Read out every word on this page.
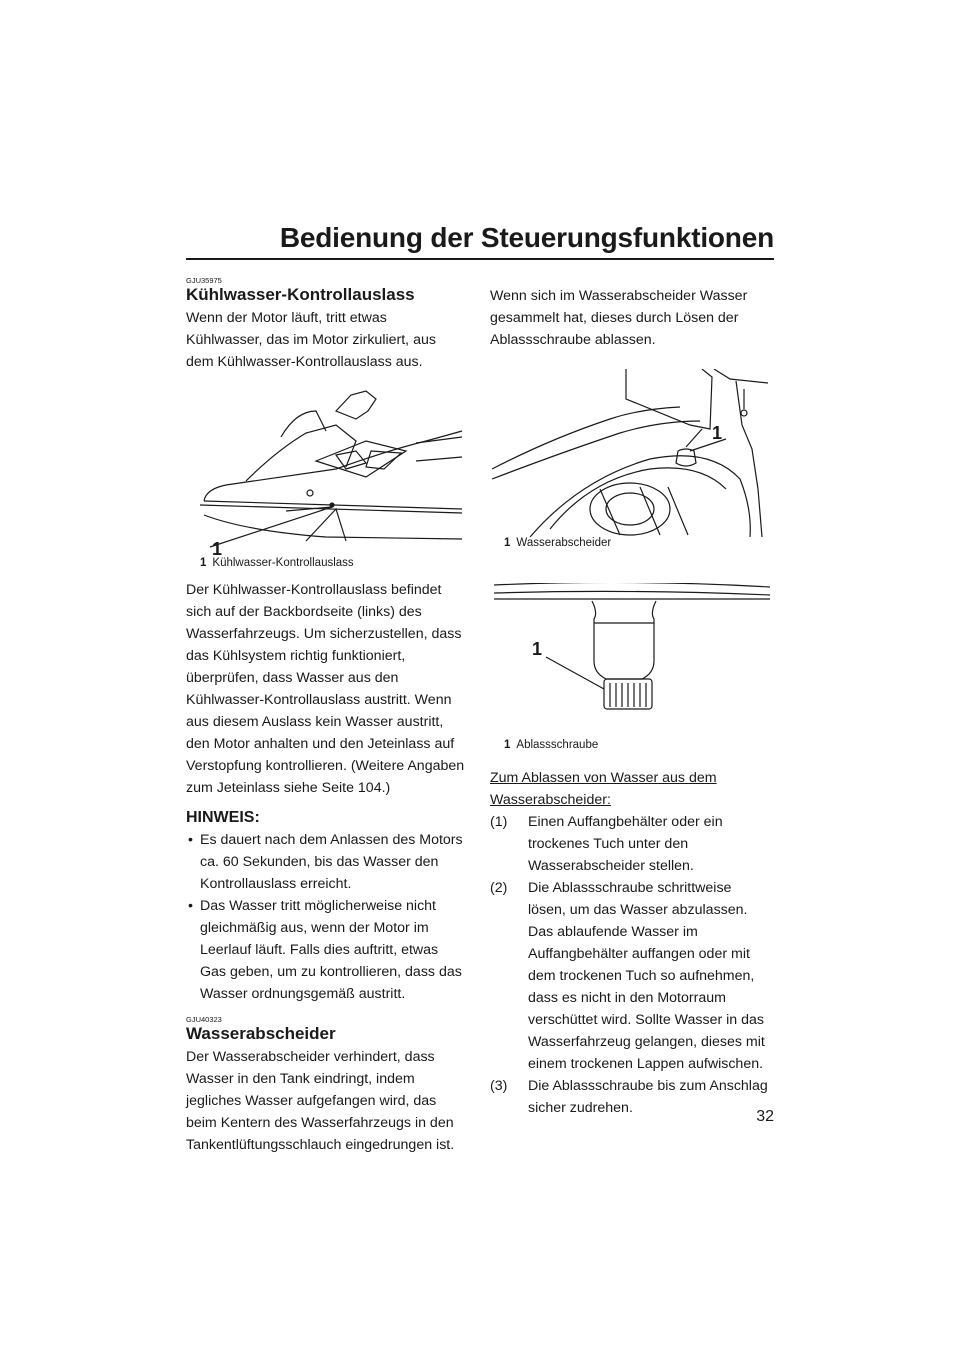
Bedienung der Steuerungsfunktionen

GJU35975

Kühlwasser-Kontrollauslass

Wenn der Motor läuft, tritt etwas Kühlwasser, das im Motor zirkuliert, aus dem Kühlwasser-Kontrollauslass aus.

1

1 Kühlwasser-Kontrollauslass

Der Kühlwasser-Kontrollauslass befindet sich auf der Backbordseite (links) des Wasserfahrzeugs. Um sicherzustellen, dass das Kühlsystem richtig funktioniert, überprüfen, dass Wasser aus den Kühlwasser-Kontrollauslass austritt. Wenn aus diesem Auslass kein Wasser austritt, den Motor anhalten und den Jeteinlass auf Verstopfung kontrollieren. (Weitere Angaben zum Jeteinlass siehe Seite 104.)

HINWEIS:

• Es dauert nach dem Anlassen des Motors ca. 60 Sekunden, bis das Wasser den Kontrollauslass erreicht.

• Das Wasser tritt möglicherweise nicht gleichmäßig aus, wenn der Motor im Leerlauf läuft. Falls dies auftritt, etwas Gas geben, um zu kontrollieren, dass das Wasser ordnungsgemäß austritt.

GJU40323

Wasserabscheider

Der Wasserabscheider verhindert, dass Wasser in den Tank eindringt, indem jegliches Wasser aufgefangen wird, das beim Kentern des Wasserfahrzeugs in den Tankentlüftungsschlauch eingedrungen ist.

Wenn sich im Wasserabscheider Wasser gesammelt hat, dieses durch Lösen der Ablassschraube ablassen.

1

1 Wasserabscheider

1

1 Ablassschraube

Zum Ablassen von Wasser aus dem Wasserabscheider:

(1) Einen Auffangbehälter oder ein trockenes Tuch unter den Wasserabscheider stellen.

(2) Die Ablassschraube schrittweise lösen, um das Wasser abzulassen. Das ablaufende Wasser im Auffangbehälter auffangen oder mit dem trockenen Tuch so aufnehmen, dass es nicht in den Motorraum verschüttet wird. Sollte Wasser in das Wasserfahrzeug gelangen, dieses mit einem trockenen Lappen aufwischen.

(3) Die Ablassschraube bis zum Anschlag sicher zudrehen.	32
